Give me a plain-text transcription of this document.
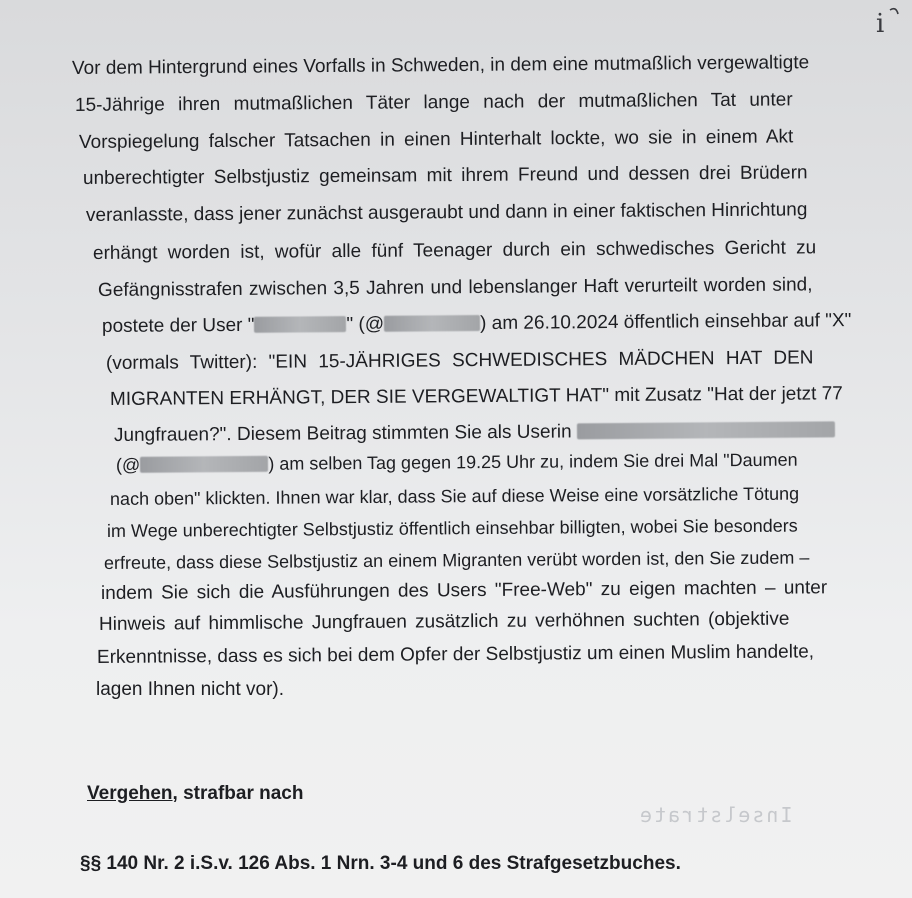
Vor dem Hintergrund eines Vorfalls in Schweden, in dem eine mutmaßlich vergewaltigte
15-Jährige ihren mutmaßlichen Täter lange nach der mutmaßlichen Tat unter
Vorspiegelung falscher Tatsachen in einen Hinterhalt lockte, wo sie in einem Akt
unberechtigter Selbstjustiz gemeinsam mit ihrem Freund und dessen drei Brüdern
veranlasste, dass jener zunächst ausgeraubt und dann in einer faktischen Hinrichtung
erhängt worden ist, wofür alle fünf Teenager durch ein schwedisches Gericht zu
Gefängnisstrafen zwischen 3,5 Jahren und lebenslanger Haft verurteilt worden sind,
postete der User "	" (@	) am 26.10.2024 öffentlich einsehbar auf "X"
(vormals Twitter): "EIN 15-JÄHRIGES SCHWEDISCHES MÄDCHEN HAT DEN
MIGRANTEN ERHÄNGT, DER SIE VERGEWALTIGT HAT" mit Zusatz "Hat der jetzt 77
Jungfrauen?". Diesem Beitrag stimmten Sie als Userin
(@	) am selben Tag gegen 19.25 Uhr zu, indem Sie drei Mal "Daumen
nach oben" klickten. Ihnen war klar, dass Sie auf diese Weise eine vorsätzliche Tötung
im Wege unberechtigter Selbstjustiz öffentlich einsehbar billigten, wobei Sie besonders
erfreute, dass diese Selbstjustiz an einem Migranten verübt worden ist, den Sie zudem –
indem Sie sich die Ausführungen des Users "Free-Web" zu eigen machten – unter
Hinweis auf himmlische Jungfrauen zusätzlich zu verhöhnen suchten (objektive
Erkenntnisse, dass es sich bei dem Opfer der Selbstjustiz um einen Muslim handelte,
lagen Ihnen nicht vor).
Vergehen, strafbar nach
Inselstrate
§§ 140 Nr. 2 i.S.v. 126 Abs. 1 Nrn. 3-4 und 6 des Strafgesetzbuches.
i
